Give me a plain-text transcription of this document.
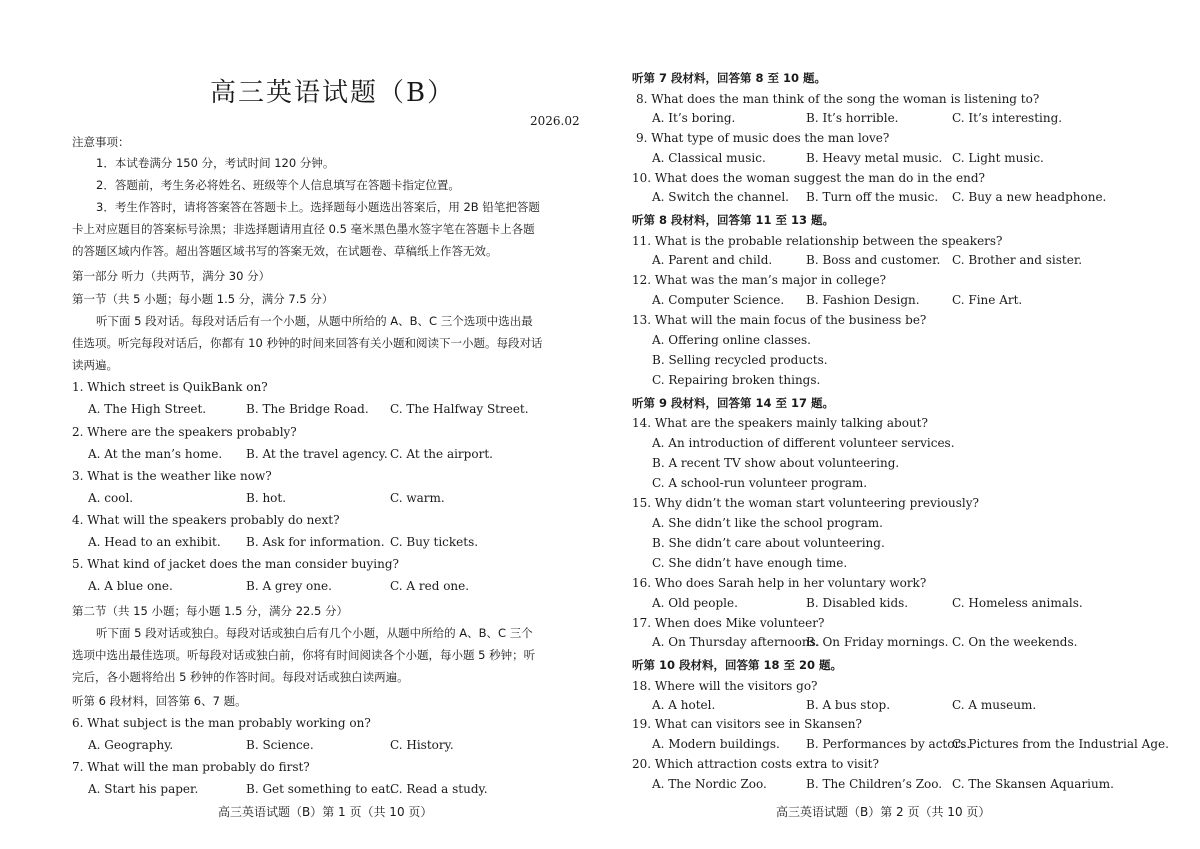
高三英语试题（B）
2026.02
注意事项：
1．本试卷满分 150 分，考试时间 120 分钟。
2．答题前，考生务必将姓名、班级等个人信息填写在答题卡指定位置。
3．考生作答时，请将答案答在答题卡上。选择题每小题选出答案后，用 2B 铅笔把答题
卡上对应题目的答案标号涂黑；非选择题请用直径 0.5 毫米黑色墨水签字笔在答题卡上各题
的答题区域内作答。超出答题区域书写的答案无效，在试题卷、草稿纸上作答无效。
第一部分 听力（共两节，满分 30 分）
第一节（共 5 小题；每小题 1.5 分，满分 7.5 分）
听下面 5 段对话。每段对话后有一个小题，从题中所给的 A、B、C 三个选项中选出最
佳选项。听完每段对话后，你都有 10 秒钟的时间来回答有关小题和阅读下一小题。每段对话
读两遍。
1. Which street is QuikBank on?
A. The High Street.	B. The Bridge Road. C. The Halfway Street.
2. Where are the speakers probably?
A. At the man’s home. B. At the travel agency. C. At the airport.
3. What is the weather like now?
A. cool.	B. hot.	C. warm.
4. What will the speakers probably do next?
A. Head to an exhibit. B. Ask for information. C. Buy tickets.
5. What kind of jacket does the man consider buying?
A. A blue one.	B. A grey one.	C. A red one.
第二节（共 15 小题；每小题 1.5 分，满分 22.5 分）
听下面 5 段对话或独白。每段对话或独白后有几个小题，从题中所给的 A、B、C 三个
选项中选出最佳选项。听每段对话或独白前，你将有时间阅读各个小题，每小题 5 秒钟；听
完后，各小题将给出 5 秒钟的作答时间。每段对话或独白读两遍。
听第 6 段材料，回答第 6、7 题。
6. What subject is the man probably working on?
A. Geography.	B. Science.	C. History.
7. What will the man probably do first?
A. Start his paper.	B. Get something to eat.
C. Read a study.
高三英语试题（B）第 1 页（共 10 页）
听第 7 段材料，回答第 8 至 10 题。
8. What does the man think of the song the woman is listening to?
A. It’s boring.	B. It’s horrible.	C. It’s interesting.
9. What type of music does the man love?
A. Classical music.	B. Heavy metal music. C. Light music.
10. What does the woman suggest the man do in the end?
A. Switch the channel. B. Turn off the music. C. Buy a new headphone.
听第 8 段材料，回答第 11 至 13 题。
11. What is the probable relationship between the speakers?
A. Parent and child.	B. Boss and customer. C. Brother and sister.
12. What was the man’s major in college?
A. Computer Science. B. Fashion Design.	C. Fine Art.
13. What will the main focus of the business be?
A. Offering online classes.
B. Selling recycled products.
C. Repairing broken things.
听第 9 段材料，回答第 14 至 17 题。
14. What are the speakers mainly talking about?
A. An introduction of different volunteer services.
B. A recent TV show about volunteering.
C. A school-run volunteer program.
15. Why didn’t the woman start volunteering previously?
A. She didn’t like the school program.
B. She didn’t care about volunteering.
C. She didn’t have enough time.
16. Who does Sarah help in her voluntary work?
A. Old people.	B. Disabled kids.	C. Homeless animals.
17. When does Mike volunteer?
A. On Thursday afternoons.
B. On Friday mornings. C. On the weekends.
听第 10 段材料，回答第 18 至 20 题。
18. Where will the visitors go?
A. A hotel.	B. A bus stop.	C. A museum.
19. What can visitors see in Skansen?
A. Modern buildings. B. Performances by actors.
C. Pictures from the Industrial Age.
20. Which attraction costs extra to visit?
A. The Nordic Zoo.	B. The Children’s Zoo. C. The Skansen Aquarium.
高三英语试题（B）第 2 页（共 10 页）
